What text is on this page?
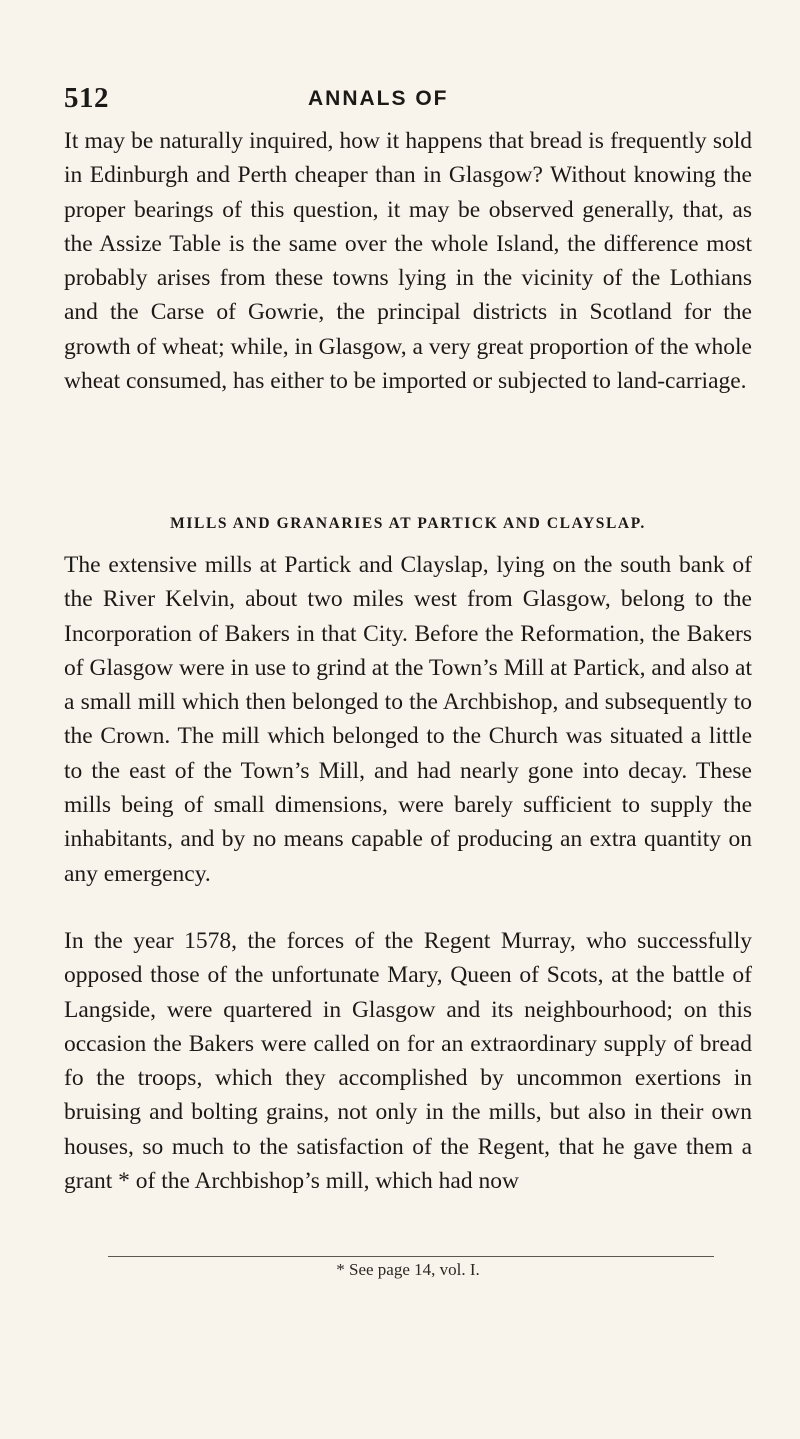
512	ANNALS OF

It may be naturally inquired, how it happens that bread is frequently sold in Edinburgh and Perth cheaper than in Glasgow? Without knowing the proper bearings of this question, it may be observed generally, that, as the Assize Table is the same over the whole Island, the difference most probably arises from these towns lying in the vicinity of the Lothians and the Carse of Gowrie, the principal districts in Scotland for the growth of wheat; while, in Glasgow, a very great proportion of the whole wheat consumed, has either to be imported or subjected to land-carriage.

MILLS AND GRANARIES AT PARTICK AND CLAYSLAP.

The extensive mills at Partick and Clayslap, lying on the south bank of the River Kelvin, about two miles west from Glasgow, belong to the Incorporation of Bakers in that City. Before the Reformation, the Bakers of Glasgow were in use to grind at the Town’s Mill at Partick, and also at a small mill which then belonged to the Archbishop, and subsequently to the Crown. The mill which belonged to the Church was situated a little to the east of the Town’s Mill, and had nearly gone into decay. These mills being of small dimensions, were barely sufficient to supply the inhabitants, and by no means capable of producing an extra quantity on any emergency.

In the year 1578, the forces of the Regent Murray, who successfully opposed those of the unfortunate Mary, Queen of Scots, at the battle of Langside, were quartered in Glasgow and its neighbourhood; on this occasion the Bakers were called on for an extraordinary supply of bread fo the troops, which they accomplished by uncommon exertions in bruising and bolting grains, not only in the mills, but also in their own houses, so much to the satisfaction of the Regent, that he gave them a grant * of the Archbishop’s mill, which had now

* See page 14, vol. I.
